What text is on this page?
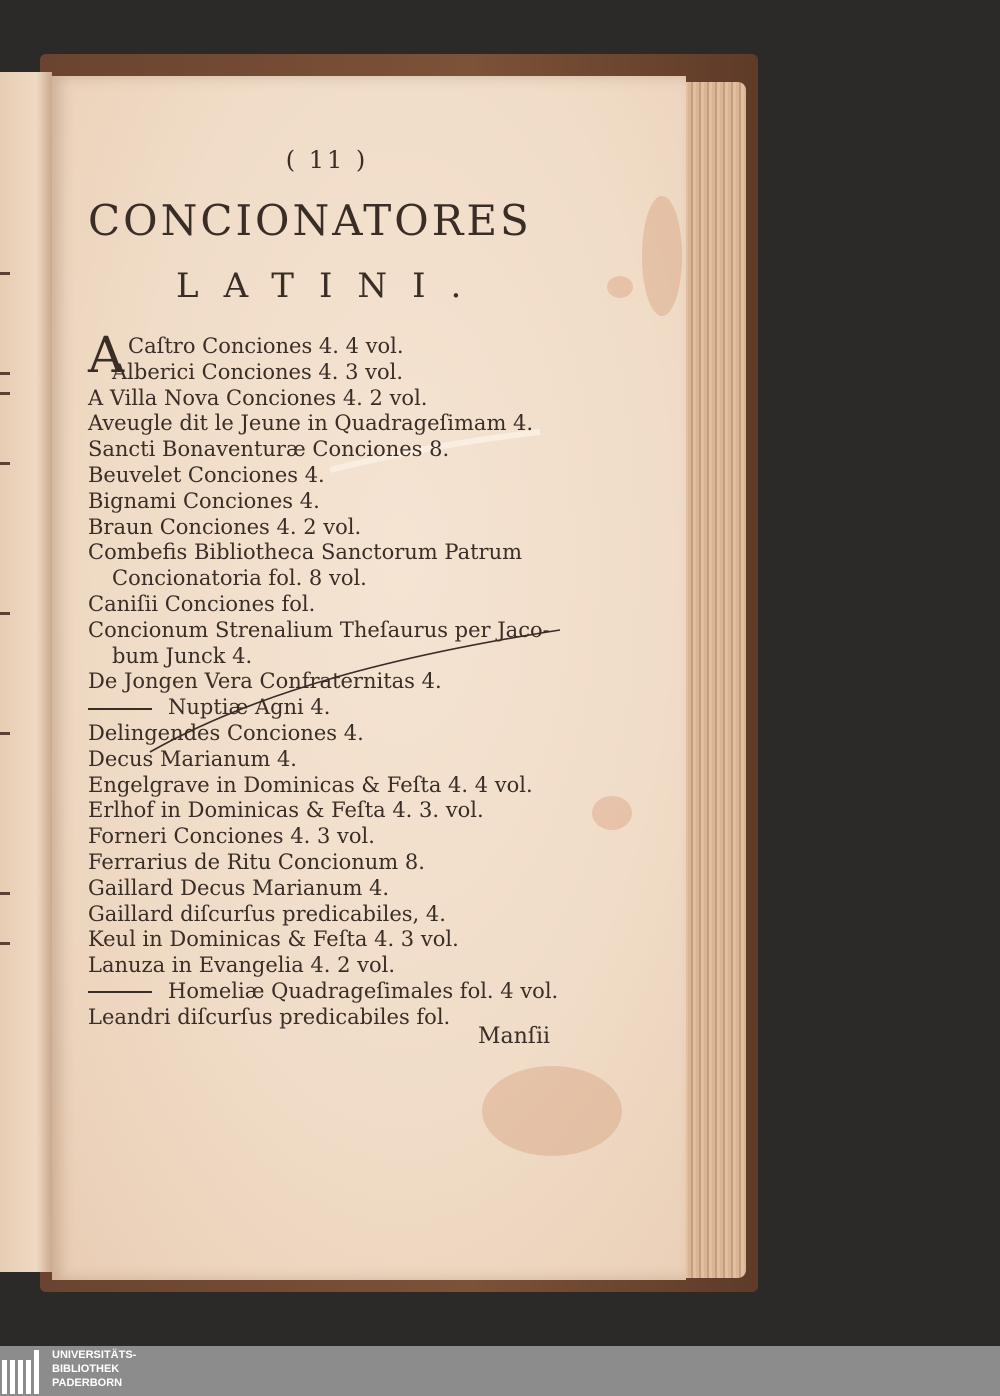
( 11 )
CONCIONATORES
LATINI.
A Caſtro Conciones 4. 4 vol.
Alberici Conciones 4. 3 vol.
A Villa Nova Conciones 4. 2 vol.
Aveugle dit le Jeune in Quadrageſimam 4.
Sancti Bonaventuræ Conciones 8.
Beuvelet Conciones 4.
Bignami Conciones 4.
Braun Conciones 4. 2 vol.
Combefis Bibliotheca Sanctorum Patrum
Concionatoria fol. 8 vol.
Caniſii Conciones fol.
Concionum Strenalium Theſaurus per Jaco-
bum Junck 4.
De Jongen Vera Confraternitas 4.
Nuptiæ Agni 4.
Delingendes Conciones 4.
Decus Marianum 4.
Engelgrave in Dominicas & Feſta 4. 4 vol.
Erlhof in Dominicas & Feſta 4. 3. vol.
Forneri Conciones 4. 3 vol.
Ferrarius de Ritu Concionum 8.
Gaillard Decus Marianum 4.
Gaillard diſcurſus predicabiles, 4.
Keul in Dominicas & Feſta 4. 3 vol.
Lanuza in Evangelia 4. 2 vol.
Homeliæ Quadrageſimales fol. 4 vol.
Leandri diſcurſus predicabiles fol.
Manſii
UNIVERSITÄTS-
BIBLIOTHEK
PADERBORN
